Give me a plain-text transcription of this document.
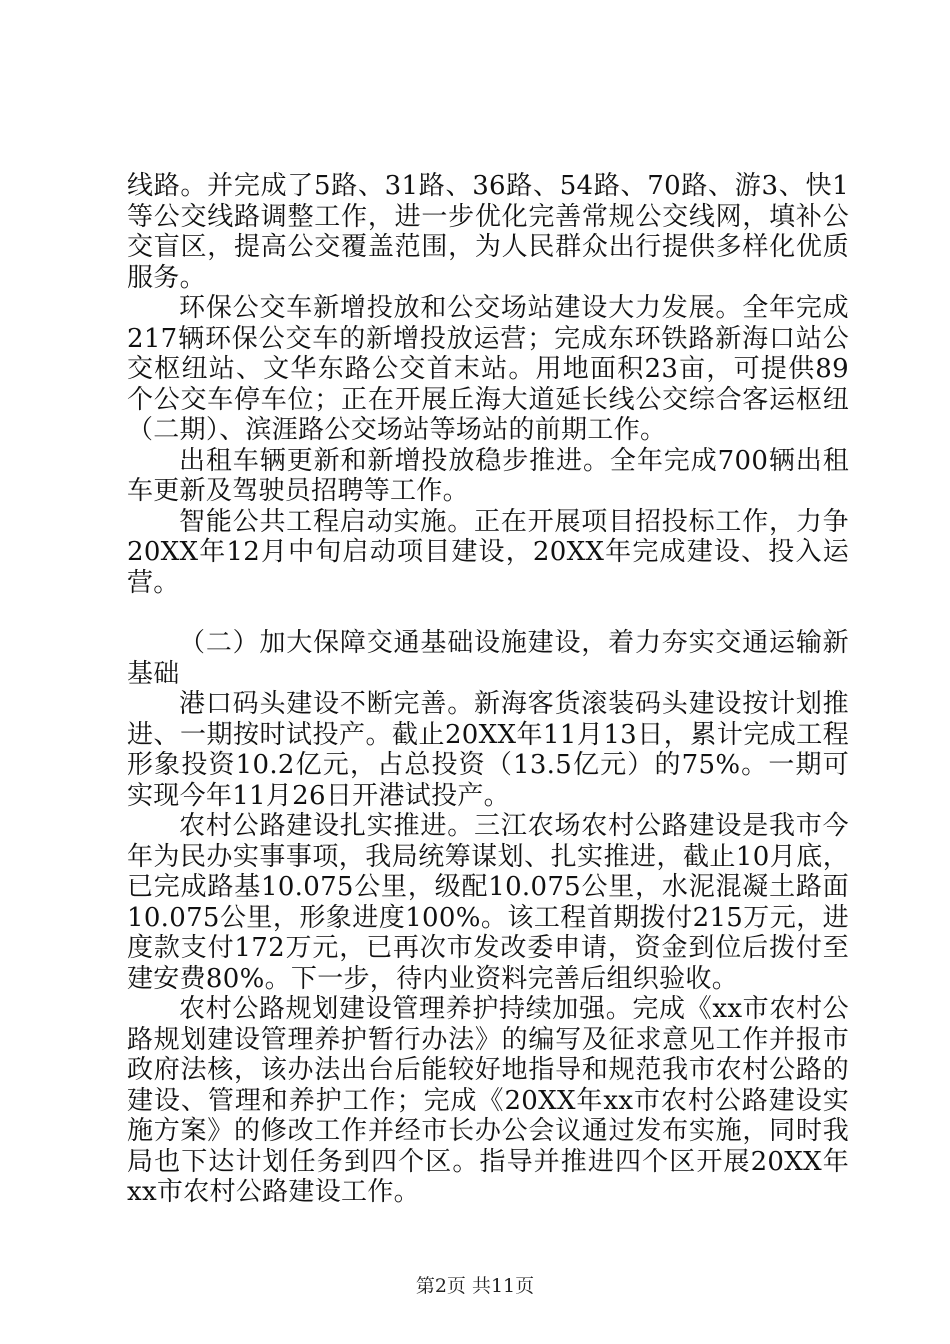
线路。并完成了5路、31路、36路、54路、70路、游3、快1等公交线路调整工作，进一步优化完善常规公交线网，填补公交盲区，提高公交覆盖范围，为人民群众出行提供多样化优质服务。

环保公交车新增投放和公交场站建设大力发展。全年完成217辆环保公交车的新增投放运营；完成东环铁路新海口站公交枢纽站、文华东路公交首末站。用地面积23亩，可提供89个公交车停车位；正在开展丘海大道延长线公交综合客运枢纽（二期）、滨涯路公交场站等场站的前期工作。

出租车辆更新和新增投放稳步推进。全年完成700辆出租车更新及驾驶员招聘等工作。

智能公共工程启动实施。正在开展项目招投标工作，力争20XX年12月中旬启动项目建设，20XX年完成建设、投入运营。

（二）加大保障交通基础设施建设，着力夯实交通运输新基础

港口码头建设不断完善。新海客货滚装码头建设按计划推进、一期按时试投产。截止20XX年11月13日，累计完成工程形象投资10.2亿元，占总投资（13.5亿元）的75%。一期可实现今年11月26日开港试投产。

农村公路建设扎实推进。三江农场农村公路建设是我市今年为民办实事事项，我局统筹谋划、扎实推进，截止10月底，已完成路基10.075公里，级配10.075公里，水泥混凝土路面10.075公里，形象进度100%。该工程首期拨付215万元，进度款支付172万元，已再次市发改委申请，资金到位后拨付至建安费80%。下一步，待内业资料完善后组织验收。

农村公路规划建设管理养护持续加强。完成《xx市农村公路规划建设管理养护暂行办法》的编写及征求意见工作并报市政府法核，该办法出台后能较好地指导和规范我市农村公路的建设、管理和养护工作；完成《20XX年xx市农村公路建设实施方案》的修改工作并经市长办公会议通过发布实施，同时我局也下达计划任务到四个区。指导并推进四个区开展20XX年xx市农村公路建设工作。

第2页 共11页
